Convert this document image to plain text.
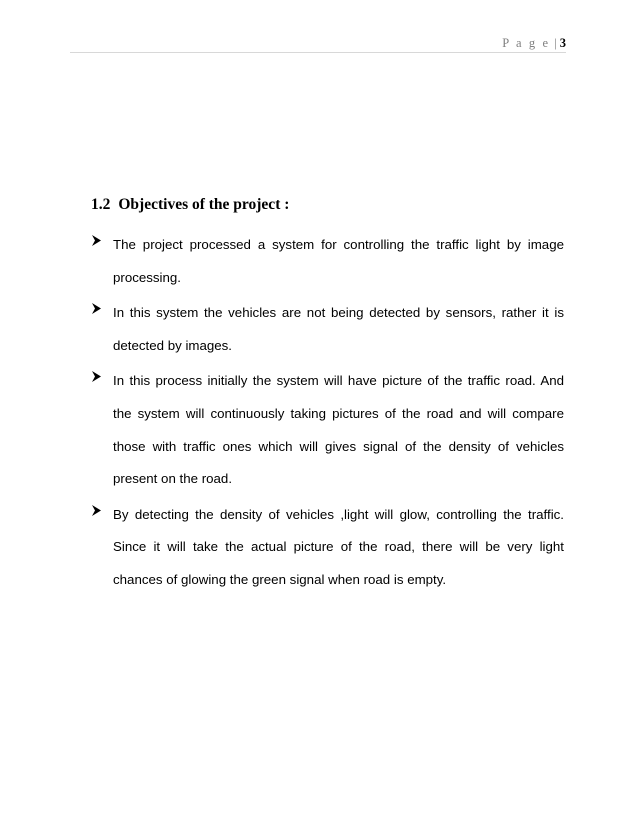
P a g e | 3
1.2 Objectives of the project :
The project processed a system for controlling the traffic light by image processing.
In this system the vehicles are not being detected by sensors, rather it is detected by images.
In this process initially the system will have picture of the traffic road. And the system will continuously taking pictures of the road and will compare those with traffic ones which will gives signal of the density of vehicles present on the road.
By detecting the density of vehicles ,light will glow, controlling the traffic. Since it will take the actual picture of the road, there will be very light chances of glowing the green signal when road is empty.
